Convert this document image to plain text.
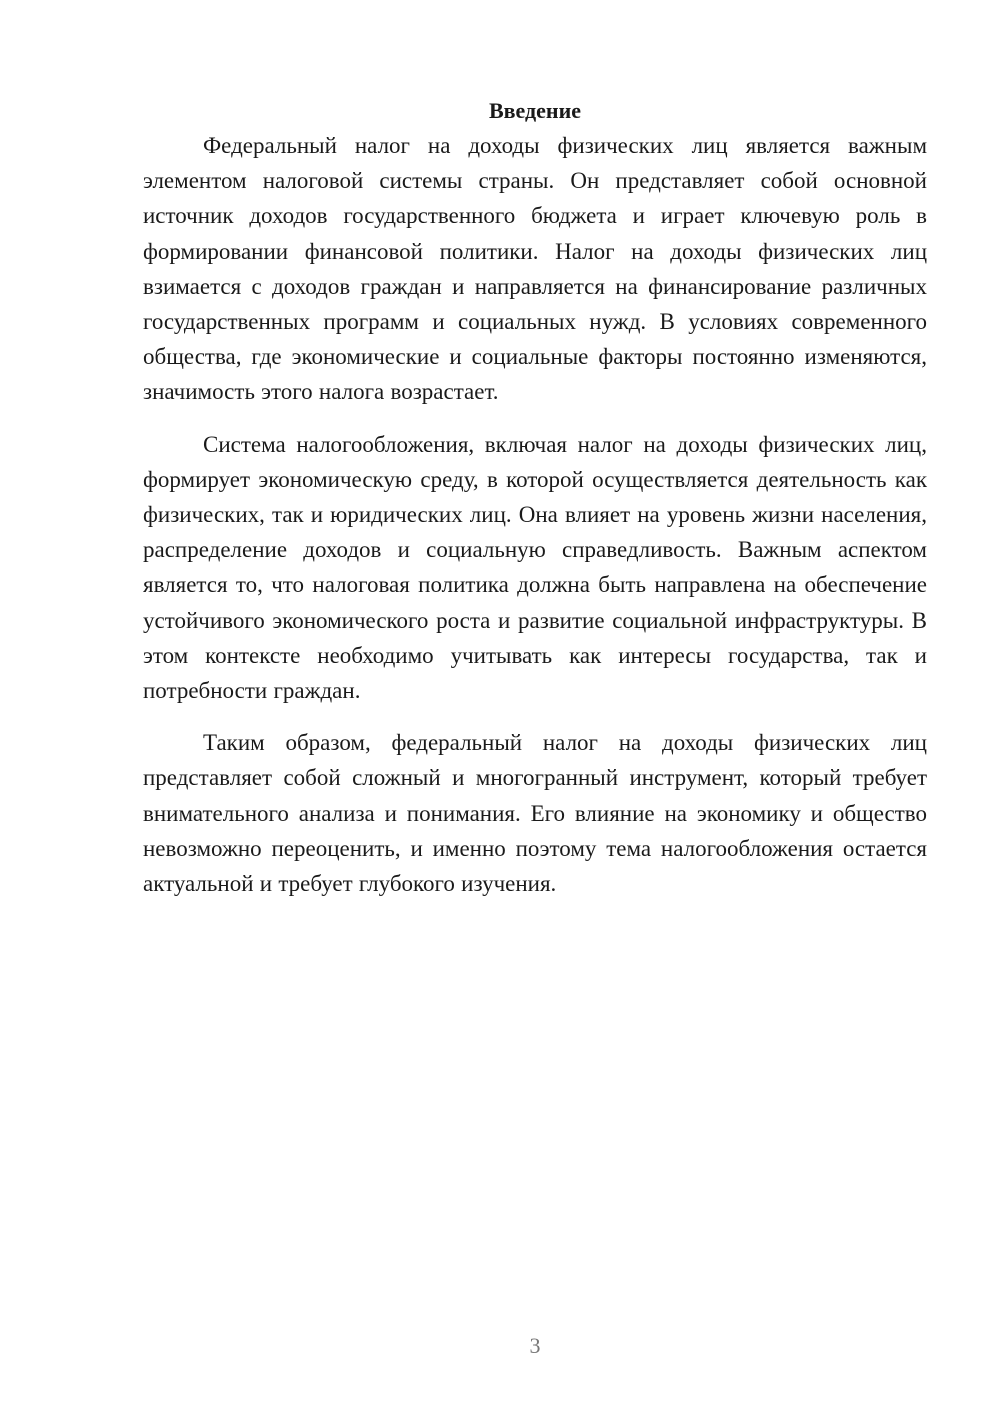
Введение

Федеральный налог на доходы физических лиц является важным элементом налоговой системы страны. Он представляет собой основной источник доходов государственного бюджета и играет ключевую роль в формировании финансовой политики. Налог на доходы физических лиц взимается с доходов граждан и направляется на финансирование различных государственных программ и социальных нужд. В условиях современного общества, где экономические и социальные факторы постоянно изменяются, значимость этого налога возрастает.

Система налогообложения, включая налог на доходы физических лиц, формирует экономическую среду, в которой осуществляется деятельность как физических, так и юридических лиц. Она влияет на уровень жизни населения, распределение доходов и социальную справедливость. Важным аспектом является то, что налоговая политика должна быть направлена на обеспечение устойчивого экономического роста и развитие социальной инфраструктуры. В этом контексте необходимо учитывать как интересы государства, так и потребности граждан.

Таким образом, федеральный налог на доходы физических лиц представляет собой сложный и многогранный инструмент, который требует внимательного анализа и понимания. Его влияние на экономику и общество невозможно переоценить, и именно поэтому тема налогообложения остается актуальной и требует глубокого изучения.

3
